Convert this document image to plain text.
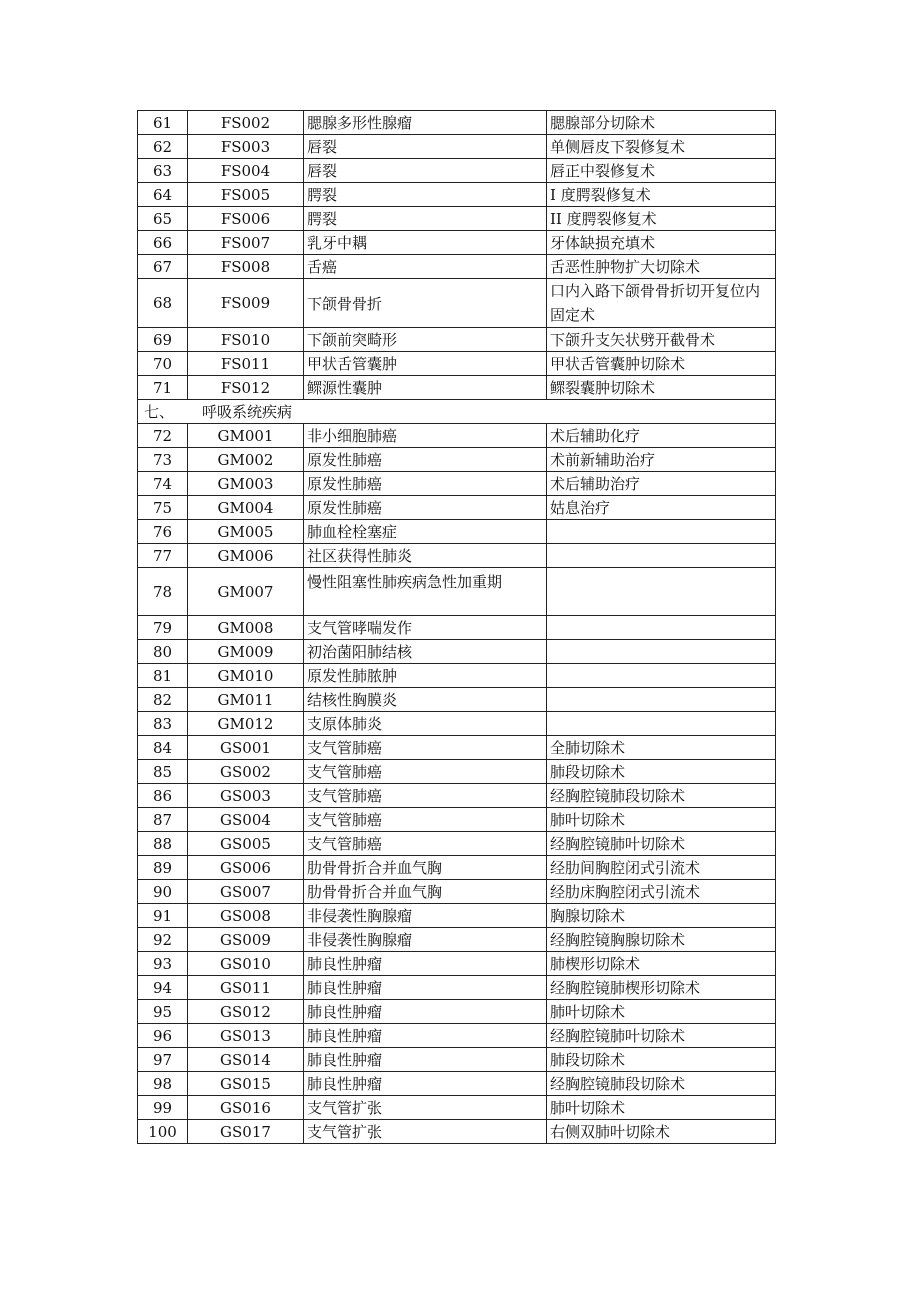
61	FS002	腮腺多形性腺瘤	腮腺部分切除术
62	FS003	唇裂	单侧唇皮下裂修复术
63	FS004	唇裂	唇正中裂修复术
64	FS005	腭裂	I 度腭裂修复术
65	FS006	腭裂	II 度腭裂修复术
66	FS007	乳牙中耦	牙体缺损充填术
67	FS008	舌癌	舌恶性肿物扩大切除术
68	FS009	下颌骨骨折	口内入路下颌骨骨折切开复位内固定术
69	FS010	下颌前突畸形	下颌升支矢状劈开截骨术
70	FS011	甲状舌管囊肿	甲状舌管囊肿切除术
71	FS012	鳏源性囊肿	鳏裂囊肿切除术
七、 呼吸系统疾病			
72	GM001	非小细胞肺癌	术后辅助化疗
73	GM002	原发性肺癌	术前新辅助治疗
74	GM003	原发性肺癌	术后辅助治疗
75	GM004	原发性肺癌	姑息治疗
76	GM005	肺血栓栓塞症	
77	GM006	社区获得性肺炎	
78	GM007	慢性阻塞性肺疾病急性加重期	
79	GM008	支气管哮喘发作	
80	GM009	初治菌阳肺结核	
81	GM010	原发性肺脓肿	
82	GM011	结核性胸膜炎	
83	GM012	支原体肺炎	
84	GS001	支气管肺癌	全肺切除术
85	GS002	支气管肺癌	肺段切除术
86	GS003	支气管肺癌	经胸腔镜肺段切除术
87	GS004	支气管肺癌	肺叶切除术
88	GS005	支气管肺癌	经胸腔镜肺叶切除术
89	GS006	肋骨骨折合并血气胸	经肋间胸腔闭式引流术
90	GS007	肋骨骨折合并血气胸	经肋床胸腔闭式引流术
91	GS008	非侵袭性胸腺瘤	胸腺切除术
92	GS009	非侵袭性胸腺瘤	经胸腔镜胸腺切除术
93	GS010	肺良性肿瘤	肺楔形切除术
94	GS011	肺良性肿瘤	经胸腔镜肺楔形切除术
95	GS012	肺良性肿瘤	肺叶切除术
96	GS013	肺良性肿瘤	经胸腔镜肺叶切除术
97	GS014	肺良性肿瘤	肺段切除术
98	GS015	肺良性肿瘤	经胸腔镜肺段切除术
99	GS016	支气管扩张	肺叶切除术
100	GS017	支气管扩张	右侧双肺叶切除术
